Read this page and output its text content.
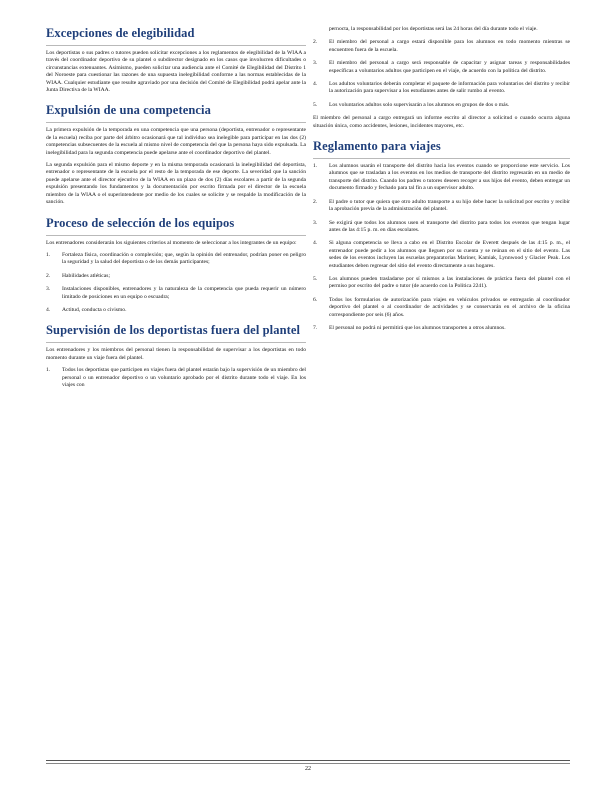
Excepciones de elegibilidad

Los deportistas o sus padres o tutores pueden solicitar excepciones a los reglamentos de elegibilidad de la WIAA a través del coordinador deportivo de su plantel o subdirector designado en los casos que involucren dificultades o circunstancias extenuantes. Asimismo, pueden solicitar una audiencia ante el Comité de Elegibilidad del Distrito 1 del Noroeste para cuestionar las razones de una supuesta inelegibilidad conforme a las normas establecidas de la WIAA. Cualquier estudiante que resulte agraviado por una decisión del Comité de Elegibilidad podrá apelar ante la Junta Directiva de la WIAA.

Expulsión de una competencia

La primera expulsión de la temporada en una competencia que una persona (deportista, entrenador o representante de la escuela) reciba por parte del árbitro ocasionará que tal individuo sea inelegible para participar en las dos (2) competencias subsecuentes de la escuela al mismo nivel de competencia del que la persona haya sido expulsada. La inelegibilidad para la segunda competencia puede apelarse ante el coordinador deportivo del plantel.

La segunda expulsión para el mismo deporte y en la misma temporada ocasionará la inelegibilidad del deportista, entrenador o representante de la escuela por el resto de la temporada de ese deporte. La severidad que la sanción puede apelarse ante el director ejecutivo de la WIAA en un plazo de dos (2) días escolares a partir de la segunda expulsión presentando los fundamentos y la documentación por escrito firmada por el director de la escuela miembro de la WIAA o el superintendente por medio de los cuales se solicite y se respalde la modificación de la sanción.

Proceso de selección de los equipos

Los entrenadores considerarán los siguientes criterios al momento de seleccionar a los integrantes de un equipo:

1. Fortaleza física, coordinación o complexión; que, según la opinión del entrenador, podrían poner en peligro la seguridad y la salud del deportista o de los demás participantes;
2. Habilidades atléticas;
3. Instalaciones disponibles, entrenadores y la naturaleza de la competencia que pueda requerir un número limitado de posiciones en un equipo o escuadra;
4. Actitud, conducta o civismo.
Supervisión de los deportistas fuera del plantel

Los entrenadores y los miembros del personal tienen la responsabilidad de supervisar a los deportistas en todo momento durante un viaje fuera del plantel.

1. Todos los deportistas que participen en viajes fuera del plantel estarán bajo la supervisión de un miembro del personal o un entrenador deportivo o un voluntario aprobado por el distrito durante todo el viaje. En los viajes con
pernocta, la responsabilidad por los deportistas será las 24 horas del día durante todo el viaje.
2. El miembro del personal a cargo estará disponible para los alumnos en todo momento mientras se encuentren fuera de la escuela.
3. El miembro del personal a cargo será responsable de capacitar y asignar tareas y responsabilidades específicas a voluntarios adultos que participen en el viaje, de acuerdo con la política del distrito.
4. Los adultos voluntarios deberán completar el paquete de información para voluntarios del distrito y recibir la autorización para supervisar a los estudiantes antes de salir rumbo al evento.
5. Los voluntarios adultos solo supervisarán a los alumnos en grupos de dos o más.

El miembro del personal a cargo entregará un informe escrito al director a solicitud o cuando ocurra alguna situación única, como accidentes, lesiones, incidentes mayores, etc.

Reglamento para viajes
1. Los alumnos usarán el transporte del distrito hacia los eventos cuando se proporcione este servicio. Los alumnos que se trasladan a los eventos en los medios de transporte del distrito regresarán en un medio de transporte del distrito. Cuando los padres o tutores deseen recoger a sus hijos del evento, deben entregar un documento firmado y fechado para tal fin a un supervisor adulto.
2. El padre o tutor que quiera que otro adulto transporte a su hijo debe hacer la solicitud por escrito y recibir la aprobación previa de la administración del plantel.
3. Se exigirá que todos los alumnos usen el transporte del distrito para todos los eventos que tengan lugar antes de las 4:15 p. m. en días escolares.
4. Si alguna competencia se lleva a cabo en el Distrito Escolar de Everett después de las 4:15 p. m., el entrenador puede pedir a los alumnos que lleguen por su cuenta y se reúnan en el sitio del evento. Las sedes de los eventos incluyen las escuelas preparatorias Mariner, Kamiak, Lynnwood y Glacier Peak. Los estudiantes deben regresar del sitio del evento directamente a sus hogares.
5. Los alumnos pueden trasladarse por sí mismos a las instalaciones de práctica fuera del plantel con el permiso por escrito del padre o tutor (de acuerdo con la Política 2241).
6. Todos los formularios de autorización para viajes en vehículos privados se entregarán al coordinador deportivo del plantel o al coordinador de actividades y se conservarán en el archivo de la oficina correspondiente por seis (6) años.
7. El personal no podrá ni permitirá que los alumnos transporten a otros alumnos.
22
